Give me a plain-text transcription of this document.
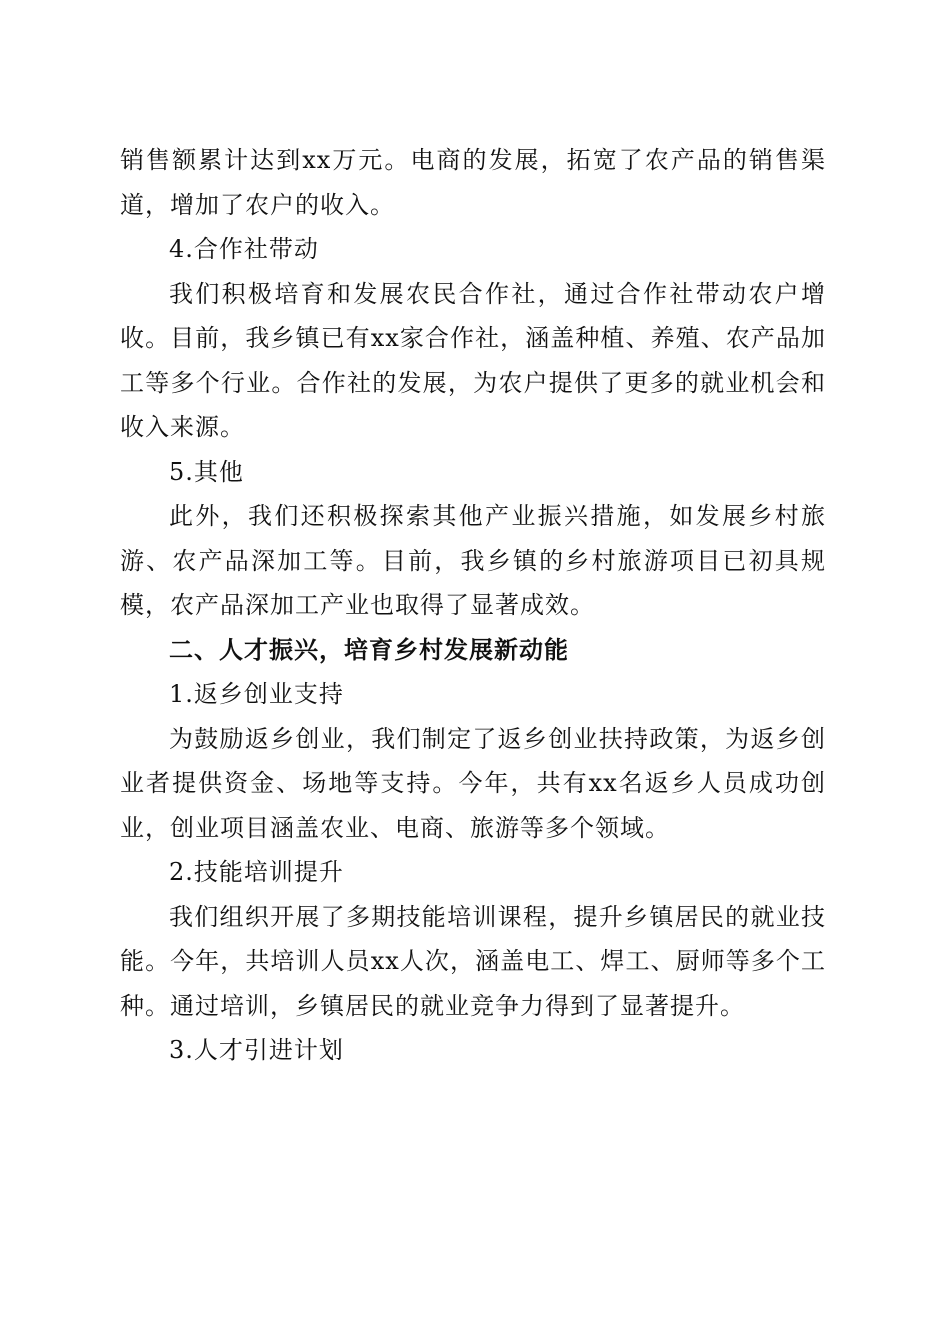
销售额累计达到xx万元。电商的发展，拓宽了农产品的销售渠道，增加了农户的收入。

4.合作社带动

我们积极培育和发展农民合作社，通过合作社带动农户增收。目前，我乡镇已有xx家合作社，涵盖种植、养殖、农产品加工等多个行业。合作社的发展，为农户提供了更多的就业机会和收入来源。

5.其他

此外，我们还积极探索其他产业振兴措施，如发展乡村旅游、农产品深加工等。目前，我乡镇的乡村旅游项目已初具规模，农产品深加工产业也取得了显著成效。

二、人才振兴，培育乡村发展新动能

1.返乡创业支持

为鼓励返乡创业，我们制定了返乡创业扶持政策，为返乡创业者提供资金、场地等支持。今年，共有xx名返乡人员成功创业，创业项目涵盖农业、电商、旅游等多个领域。

2.技能培训提升

我们组织开展了多期技能培训课程，提升乡镇居民的就业技能。今年，共培训人员xx人次，涵盖电工、焊工、厨师等多个工种。通过培训，乡镇居民的就业竞争力得到了显著提升。

3.人才引进计划
